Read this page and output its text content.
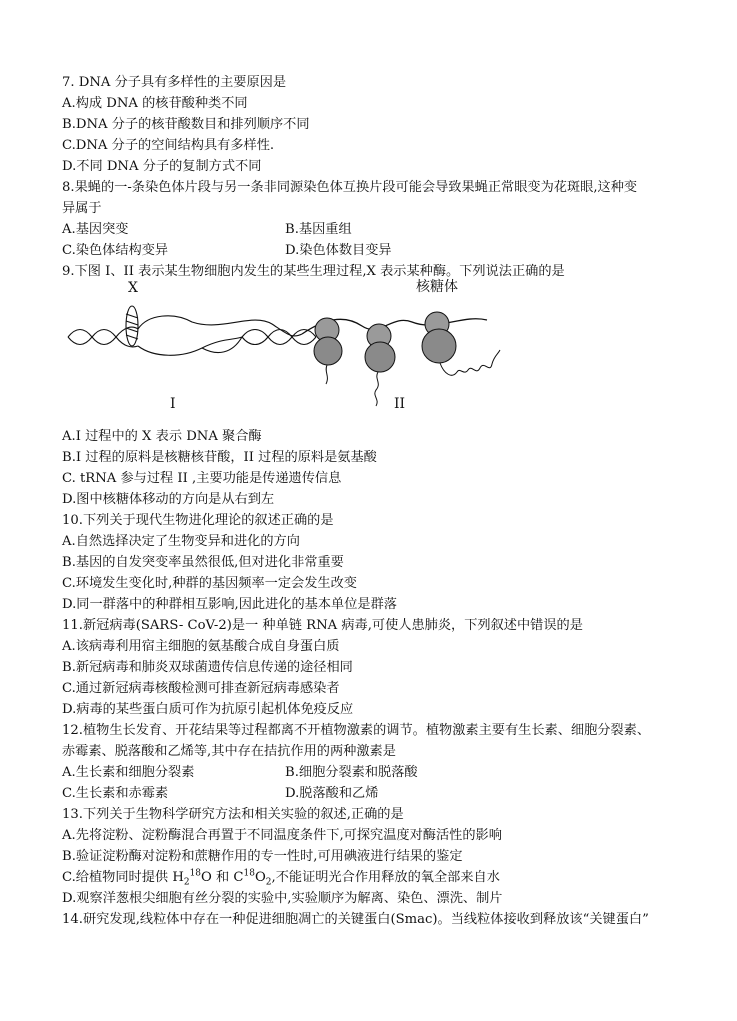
7. DNA 分子具有多样性的主要原因是
A.构成 DNA 的核苷酸种类不同
B.DNA 分子的核苷酸数目和排列顺序不同
C.DNA 分子的空间结构具有多样性.
D.不同 DNA 分子的复制方式不同
8.果蝇的一-条染色体片段与另一条非同源染色体互换片段可能会导致果蝇正常眼变为花斑眼,这种变
异属于
A.基因突变	B.基因重组
C.染色体结构变异	D.染色体数目变异
9.下图 I、II 表示某生物细胞内发生的某些生理过程,X 表示某种酶。下列说法正确的是
X	核糖体
I	II
A.I 过程中的 X 表示 DNA 聚合酶
B.I 过程的原料是核糖核苷酸，II 过程的原料是氨基酸
C. tRNA 参与过程 II ,主要功能是传递遗传信息
D.图中核糖体移动的方向是从右到左
10.下列关于现代生物进化理论的叙述正确的是
A.自然选择决定了生物变异和进化的方向
B.基因的自发突变率虽然很低,但对进化非常重要
C.环境发生变化时,种群的基因频率一定会发生改变
D.同一群落中的种群相互影响,因此进化的基本单位是群落
11.新冠病毒(SARS- CoV-2)是一 种单链 RNA 病毒,可使人患肺炎，下列叙述中错误的是
A.该病毒利用宿主细胞的氨基酸合成自身蛋白质
B.新冠病毒和肺炎双球菌遗传信息传递的途径相同
C.通过新冠病毒核酸检测可排查新冠病毒感染者
D.病毒的某些蛋白质可作为抗原引起机体免疫反应
12.植物生长发育、开花结果等过程都离不开植物激素的调节。植物激素主要有生长素、细胞分裂素、
赤霉素、脱落酸和乙烯等,其中存在拮抗作用的两种激素是
A.生长素和细胞分裂素	B.细胞分裂素和脱落酸
C.生长素和赤霉素	D.脱落酸和乙烯
13.下列关于生物科学研究方法和相关实验的叙述,正确的是
A.先将淀粉、淀粉酶混合再置于不同温度条件下,可探究温度对酶活性的影响
B.验证淀粉酶对淀粉和蔗糖作用的专一性时,可用碘液进行结果的鉴定
C.给植物同时提供 $H_2^{18}O$ 和 $C^{18}O_2$,不能证明光合作用释放的氧全部来自水
D.观察洋葱根尖细胞有丝分裂的实验中,实验顺序为解离、染色、漂洗、制片
14.研究发现,线粒体中存在一种促进细胞凋亡的关键蛋白(Smac)。当线粒体接收到释放该“关键蛋白”
